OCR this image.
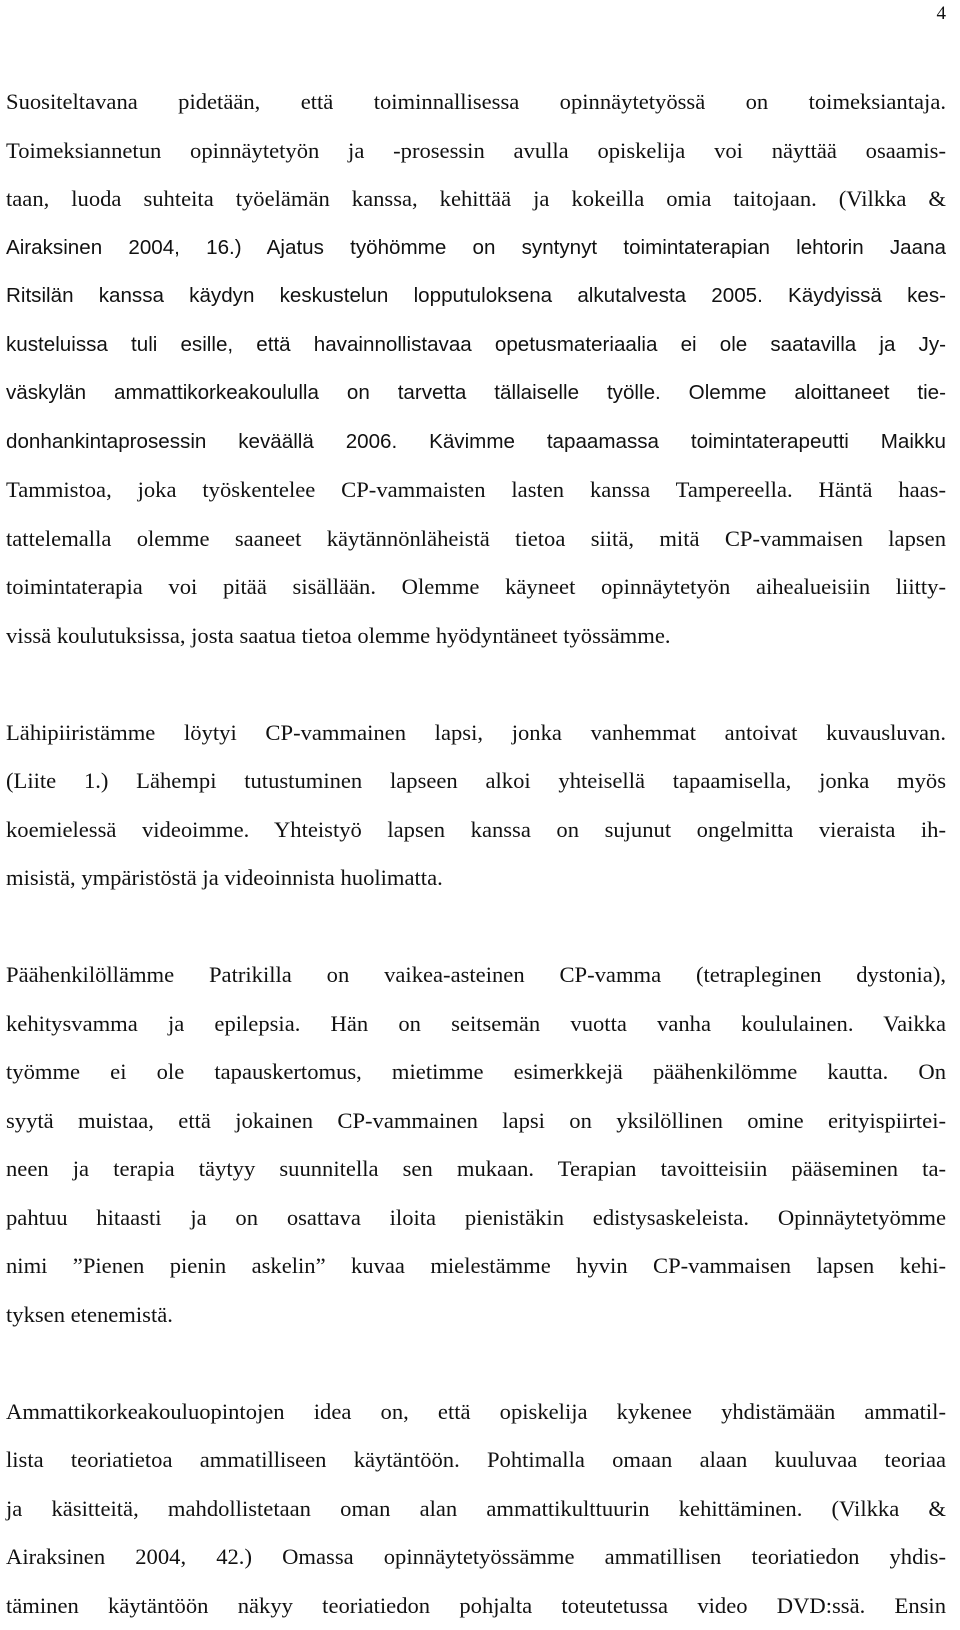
4
Suositeltavana pidetään, että toiminnallisessa opinnäytetyössä on toimeksiantaja.
Toimeksiannetun opinnäytetyön ja -prosessin avulla opiskelija voi näyttää osaamis-
taan, luoda suhteita työelämän kanssa, kehittää ja kokeilla omia taitojaan. (Vilkka &
Airaksinen 2004, 16.) Ajatus työhömme on syntynyt toimintaterapian lehtorin Jaana
Ritsilän kanssa käydyn keskustelun lopputuloksena alkutalvesta 2005. Käydyissä kes-
kusteluissa tuli esille, että havainnollistavaa opetusmateriaalia ei ole saatavilla ja Jy-
väskylän ammattikorkeakoululla on tarvetta tällaiselle työlle. Olemme aloittaneet tie-
donhankintaprosessin keväällä 2006. Kävimme tapaamassa toimintaterapeutti Maikku
Tammistoa, joka työskentelee CP-vammaisten lasten kanssa Tampereella. Häntä haas-
tattelemalla olemme saaneet käytännönläheistä tietoa siitä, mitä CP-vammaisen lapsen
toimintaterapia voi pitää sisällään. Olemme käyneet opinnäytetyön aihealueisiin liitty-
vissä koulutuksissa, josta saatua tietoa olemme hyödyntäneet työssämme.
Lähipiiristämme löytyi CP-vammainen lapsi, jonka vanhemmat antoivat kuvausluvan.
(Liite 1.) Lähempi tutustuminen lapseen alkoi yhteisellä tapaamisella, jonka myös
koemielessä videoimme. Yhteistyö lapsen kanssa on sujunut ongelmitta vieraista ih-
misistä, ympäristöstä ja videoinnista huolimatta.
Päähenkilöllämme Patrikilla on vaikea-asteinen CP-vamma (tetrapleginen dystonia),
kehitysvamma ja epilepsia. Hän on seitsemän vuotta vanha koululainen. Vaikka
työmme ei ole tapauskertomus, mietimme esimerkkejä päähenkilömme kautta. On
syytä muistaa, että jokainen CP-vammainen lapsi on yksilöllinen omine erityispiirtei-
neen ja terapia täytyy suunnitella sen mukaan. Terapian tavoitteisiin pääseminen ta-
pahtuu hitaasti ja on osattava iloita pienistäkin edistysaskeleista. Opinnäytetyömme
nimi ”Pienen pienin askelin” kuvaa mielestämme hyvin CP-vammaisen lapsen kehi-
tyksen etenemistä.
Ammattikorkeakouluopintojen idea on, että opiskelija kykenee yhdistämään ammatil-
lista teoriatietoa ammatilliseen käytäntöön. Pohtimalla omaan alaan kuuluvaa teoriaa
ja käsitteitä, mahdollistetaan oman alan ammattikulttuurin kehittäminen. (Vilkka &
Airaksinen 2004, 42.) Omassa opinnäytetyössämme ammatillisen teoriatiedon yhdis-
täminen käytäntöön näkyy teoriatiedon pohjalta toteutetussa video DVD:ssä. Ensin
